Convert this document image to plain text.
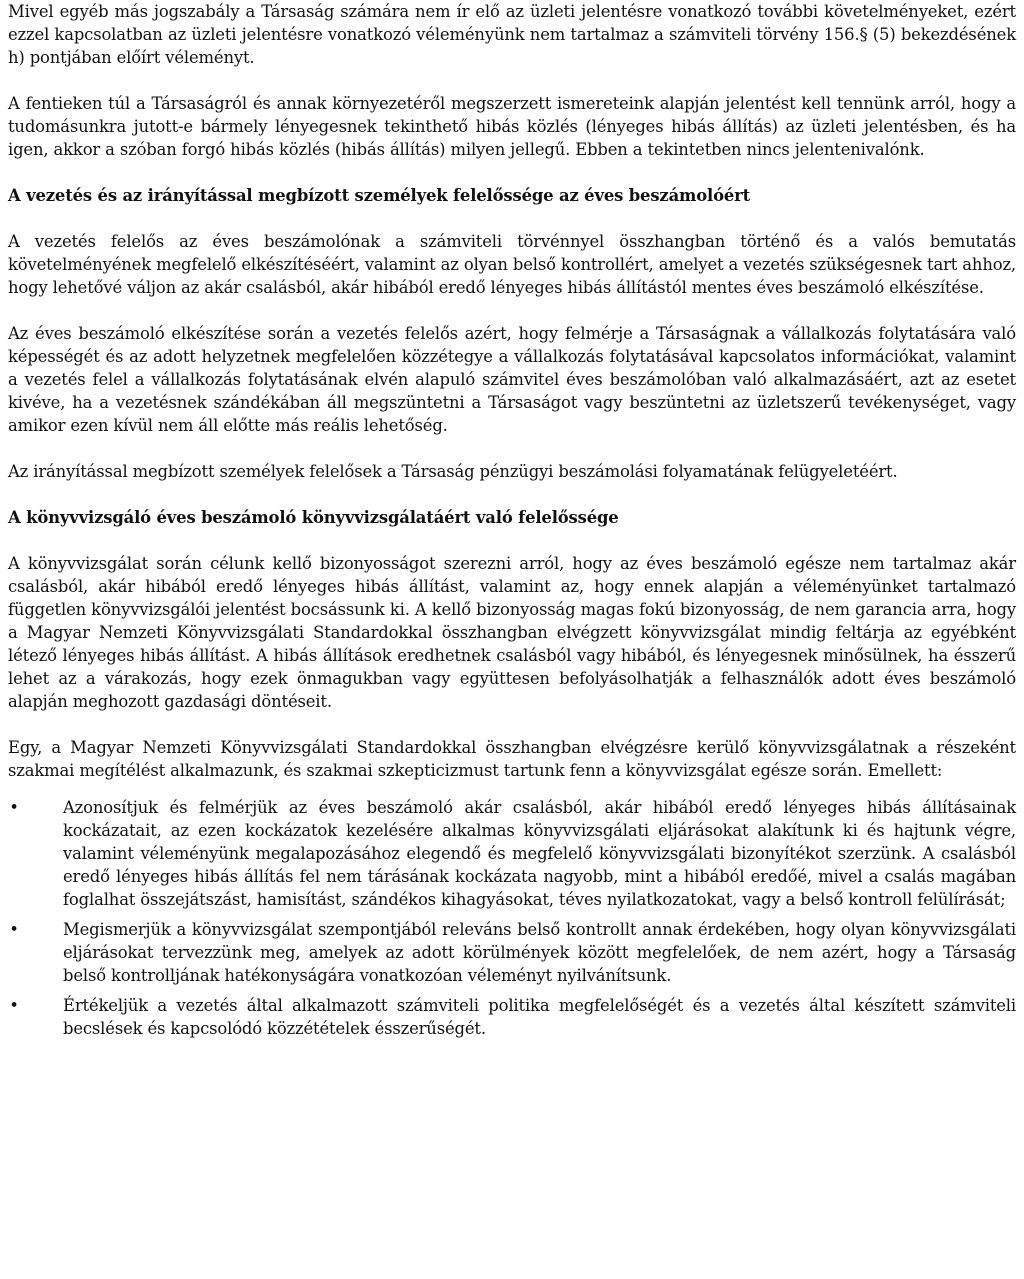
Mivel egyéb más jogszabály a Társaság számára nem ír elő az üzleti jelentésre vonatkozó további követelményeket, ezért ezzel kapcsolatban az üzleti jelentésre vonatkozó véleményünk nem tartalmaz a számviteli törvény 156.§ (5) bekezdésének h) pontjában előírt véleményt.

A fentieken túl a Társaságról és annak környezetéről megszerzett ismereteink alapján jelentést kell tennünk arról, hogy a tudomásunkra jutott-e bármely lényegesnek tekinthető hibás közlés (lényeges hibás állítás) az üzleti jelentésben, és ha igen, akkor a szóban forgó hibás közlés (hibás állítás) milyen jellegű. Ebben a tekintetben nincs jelentenivalónk.

A vezetés és az irányítással megbízott személyek felelőssége az éves beszámolóért

A vezetés felelős az éves beszámolónak a számviteli törvénnyel összhangban történő és a valós bemutatás követelményének megfelelő elkészítéséért, valamint az olyan belső kontrollért, amelyet a vezetés szükségesnek tart ahhoz, hogy lehetővé váljon az akár csalásból, akár hibából eredő lényeges hibás állítástól mentes éves beszámoló elkészítése.

Az éves beszámoló elkészítése során a vezetés felelős azért, hogy felmérje a Társaságnak a vállalkozás folytatására való képességét és az adott helyzetnek megfelelően közzétegye a vállalkozás folytatásával kapcsolatos információkat, valamint a vezetés felel a vállalkozás folytatásának elvén alapuló számvitel éves beszámolóban való alkalmazásáért, azt az esetet kivéve, ha a vezetésnek szándékában áll megszüntetni a Társaságot vagy beszüntetni az üzletszerű tevékenységet, vagy amikor ezen kívül nem áll előtte más reális lehetőség.

Az irányítással megbízott személyek felelősek a Társaság pénzügyi beszámolási folyamatának felügyeletéért.

A könyvvizsgáló éves beszámoló könyvvizsgálatáért való felelőssége

A könyvvizsgálat során célunk kellő bizonyosságot szerezni arról, hogy az éves beszámoló egésze nem tartalmaz akár csalásból, akár hibából eredő lényeges hibás állítást, valamint az, hogy ennek alapján a véleményünket tartalmazó független könyvvizsgálói jelentést bocsássunk ki. A kellő bizonyosság magas fokú bizonyosság, de nem garancia arra, hogy a Magyar Nemzeti Könyvvizsgálati Standardokkal összhangban elvégzett könyvvizsgálat mindig feltárja az egyébként létező lényeges hibás állítást. A hibás állítások eredhetnek csalásból vagy hibából, és lényegesnek minősülnek, ha ésszerű lehet az a várakozás, hogy ezek önmagukban vagy együttesen befolyásolhatják a felhasználók adott éves beszámoló alapján meghozott gazdasági döntéseit.

Egy, a Magyar Nemzeti Könyvvizsgálati Standardokkal összhangban elvégzésre kerülő könyvvizsgálatnak a részeként szakmai megítélést alkalmazunk, és szakmai szkepticizmust tartunk fenn a könyvvizsgálat egésze során. Emellett:

•	Azonosítjuk és felmérjük az éves beszámoló akár csalásból, akár hibából eredő lényeges hibás állításainak kockázatait, az ezen kockázatok kezelésére alkalmas könyvvizsgálati eljárásokat alakítunk ki és hajtunk végre, valamint véleményünk megalapozásához elegendő és megfelelő könyvvizsgálati bizonyítékot szerzünk. A csalásból eredő lényeges hibás állítás fel nem tárásának kockázata nagyobb, mint a hibából eredőé, mivel a csalás magában foglalhat összejátszást, hamisítást, szándékos kihagyásokat, téves nyilatkozatokat, vagy a belső kontroll felülírását;

•	Megismerjük a könyvvizsgálat szempontjából releváns belső kontrollt annak érdekében, hogy olyan könyvvizsgálati eljárásokat tervezzünk meg, amelyek az adott körülmények között megfelelőek, de nem azért, hogy a Társaság belső kontrolljának hatékonyságára vonatkozóan véleményt nyilvánítsunk.

•	Értékeljük a vezetés által alkalmazott számviteli politika megfelelőségét és a vezetés által készített számviteli becslések és kapcsolódó közzétételek ésszerűségét.
